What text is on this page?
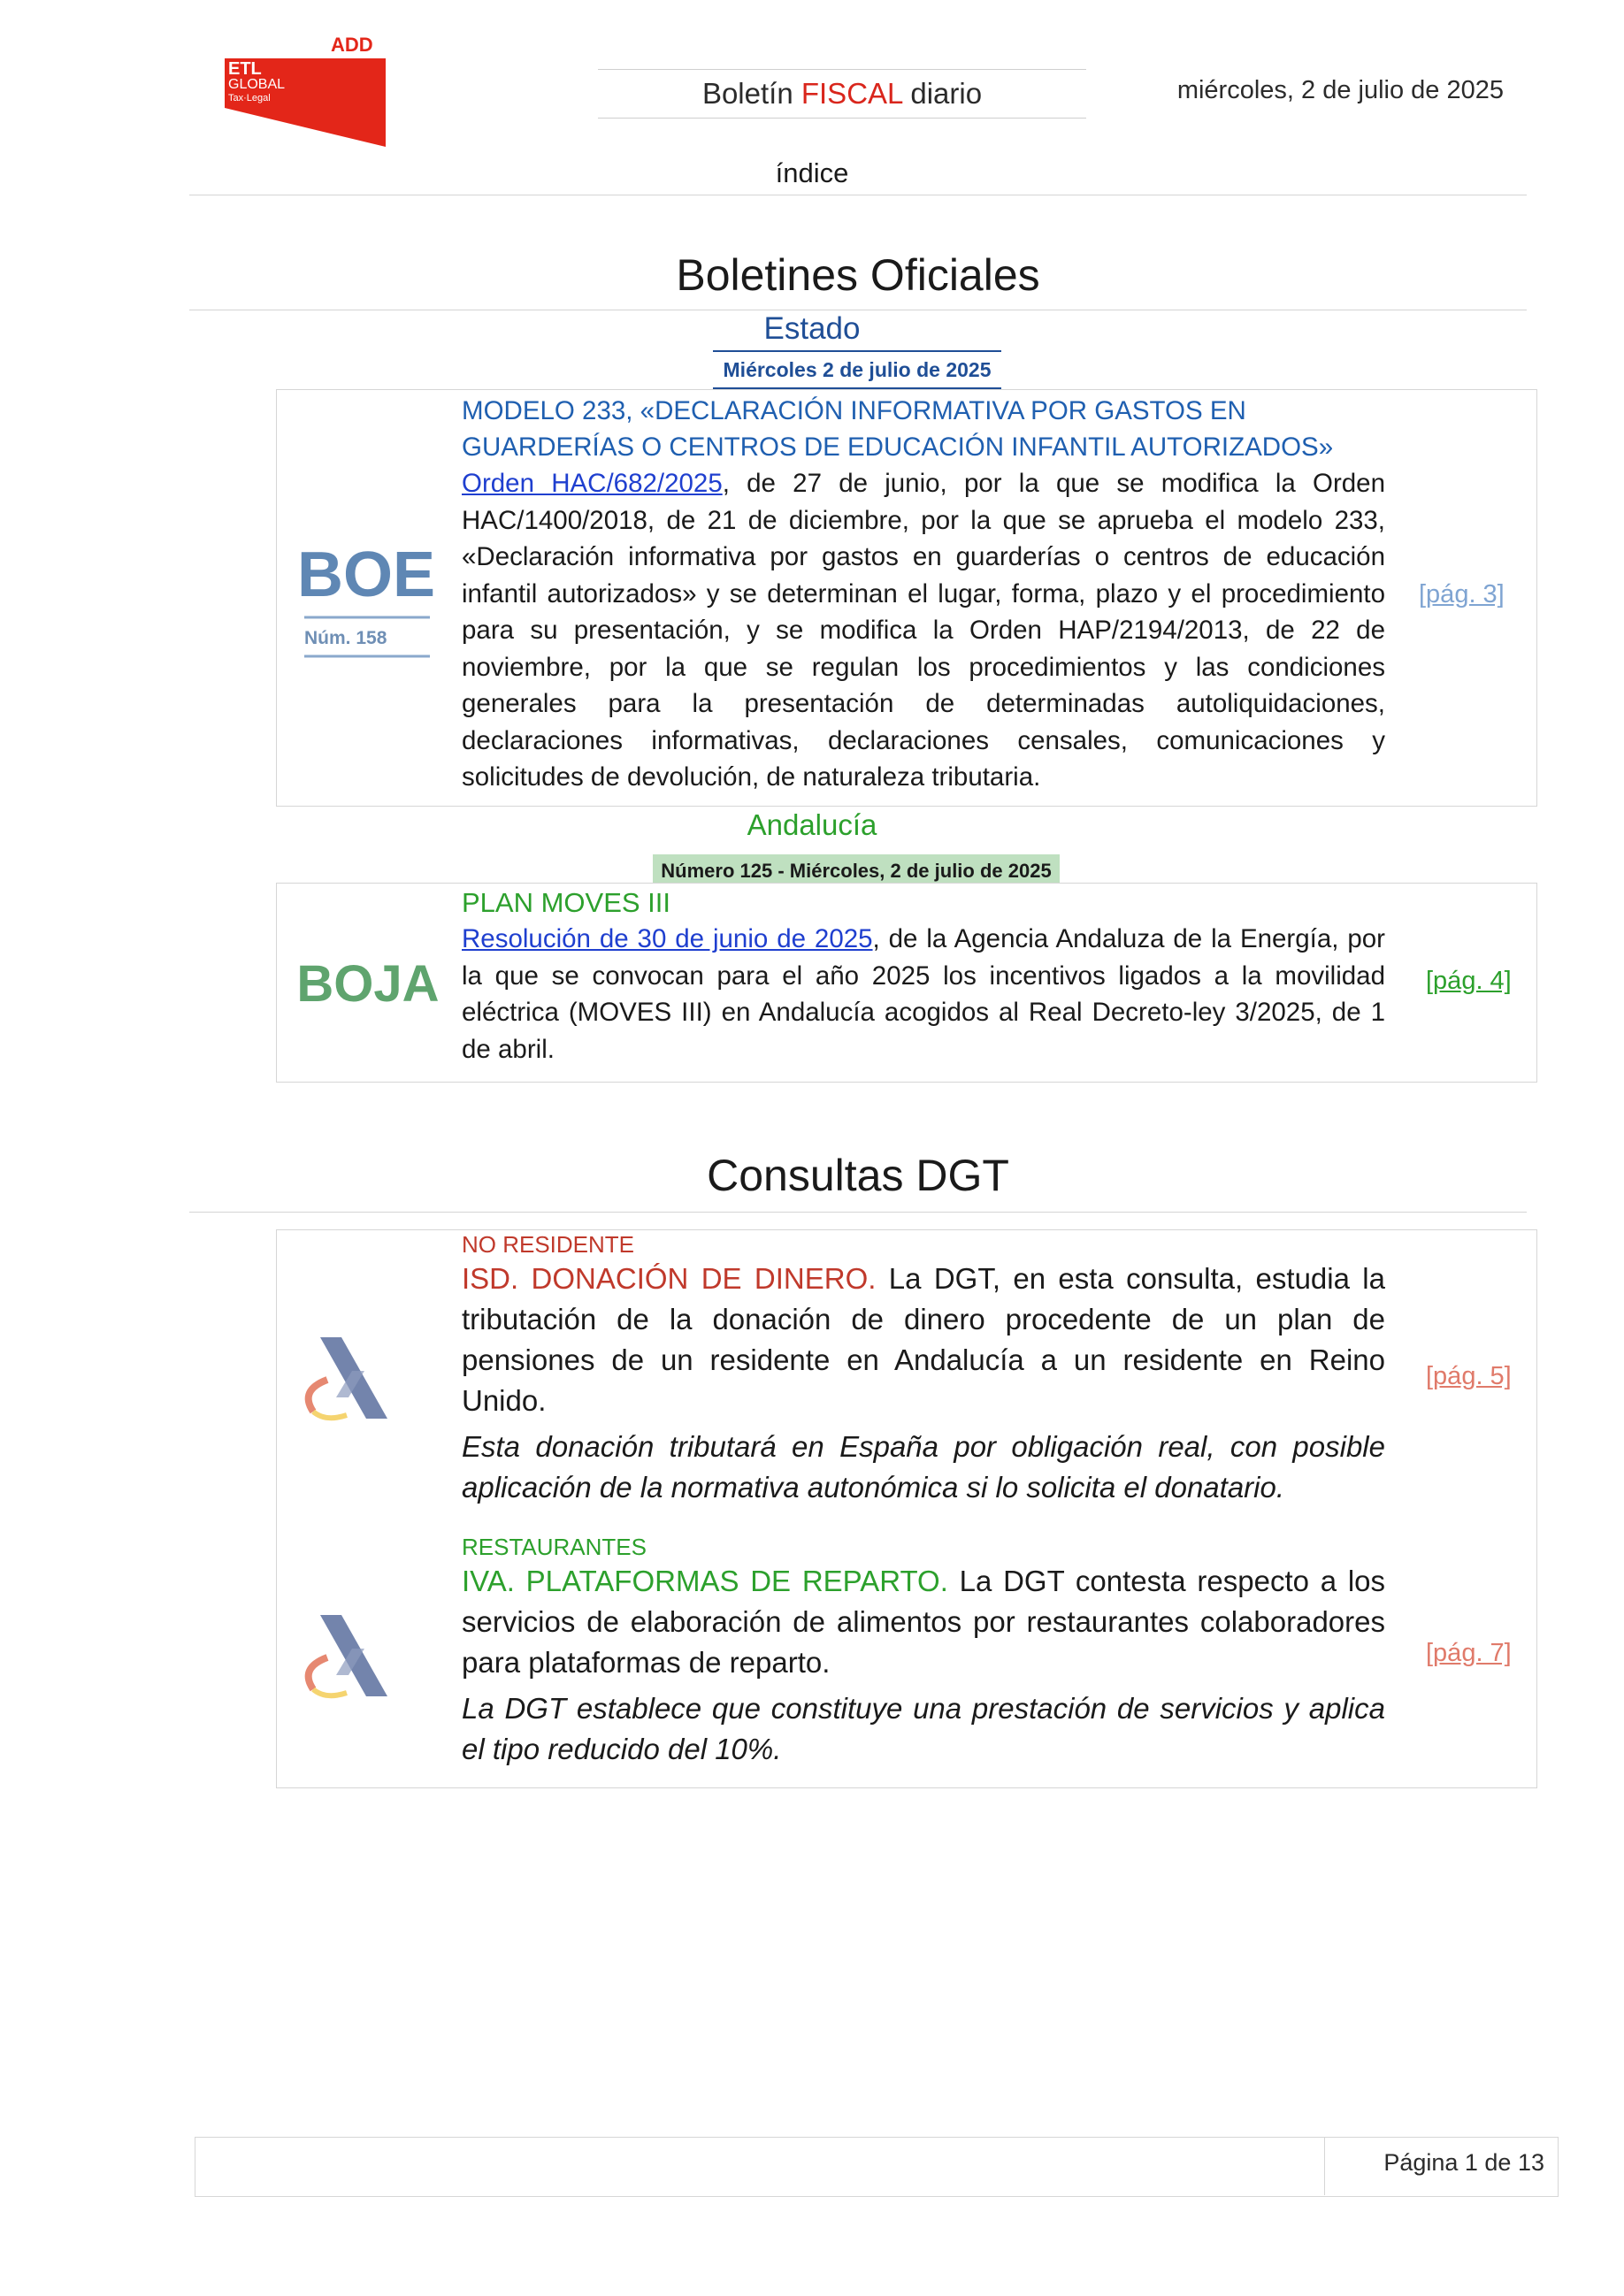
ADD
ETL
GLOBAL
Tax·Legal	Boletín FISCAL diario	miércoles, 2 de julio de 2025
índice
Boletines Oficiales
Estado
Miércoles 2 de julio de 2025
BOE
Núm. 158
MODELO 233, «DECLARACIÓN INFORMATIVA POR GASTOS EN GUARDERÍAS O CENTROS DE EDUCACIÓN INFANTIL AUTORIZADOS»
Orden HAC/682/2025, de 27 de junio, por la que se modifica la Orden HAC/1400/2018, de 21 de diciembre, por la que se aprueba el modelo 233, «Declaración informativa por gastos en guarderías o centros de educación infantil autorizados» y se determinan el lugar, forma, plazo y el procedimiento para su presentación, y se modifica la Orden HAP/2194/2013, de 22 de noviembre, por la que se regulan los procedimientos y las condiciones generales para la presentación de determinadas autoliquidaciones, declaraciones informativas, declaraciones censales, comunicaciones y solicitudes de devolución, de naturaleza tributaria.
[pág. 3]
Andalucía
Número 125 - Miércoles, 2 de julio de 2025
BOJA
PLAN MOVES III
Resolución de 30 de junio de 2025, de la Agencia Andaluza de la Energía, por la que se convocan para el año 2025 los incentivos ligados a la movilidad eléctrica (MOVES III) en Andalucía acogidos al Real Decreto-ley 3/2025, de 1 de abril.
[pág. 4]
Consultas DGT
NO RESIDENTE
ISD. DONACIÓN DE DINERO. La DGT, en esta consulta, estudia la tributación de la donación de dinero procedente de un plan de pensiones de un residente en Andalucía a un residente en Reino Unido.
Esta donación tributará en España por obligación real, con posible aplicación de la normativa autonómica si lo solicita el donatario.
[pág. 5]
RESTAURANTES
IVA. PLATAFORMAS DE REPARTO. La DGT contesta respecto a los servicios de elaboración de alimentos por restaurantes colaboradores para plataformas de reparto.
La DGT establece que constituye una prestación de servicios y aplica el tipo reducido del 10%.
[pág. 7]
Página 1 de 13
